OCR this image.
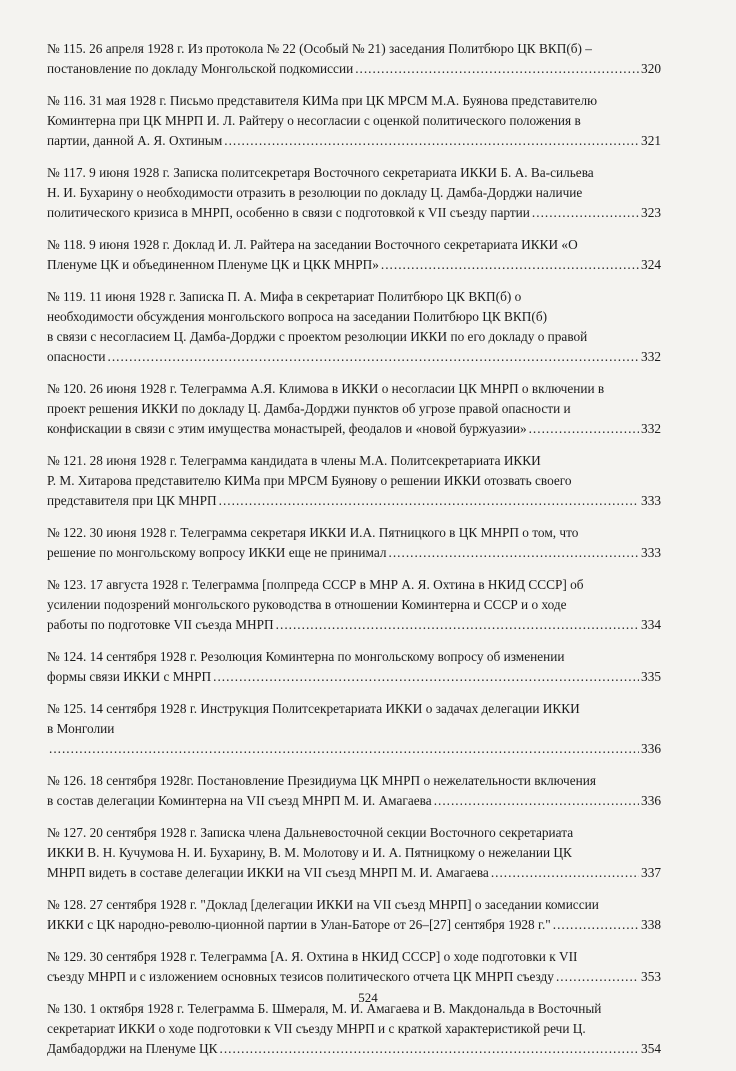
№ 115. 26 апреля 1928 г. Из протокола № 22 (Особый № 21) заседания Политбюро ЦК ВКП(б) –
постановление по докладу Монгольской подкомиссии .....	320
№ 116. 31 мая 1928 г. Письмо представителя КИМа при ЦК МРСМ М.А. Буянова представителю
Коминтерна при ЦК МНРП И. Л. Райтеру о несогласии с оценкой политического положения в
партии, данной А. Я. Охтиным .....	321
№ 117. 9 июня 1928 г. Записка политсекретаря Восточного секретариата ИККИ Б. А. Ва-сильева
Н. И. Бухарину о необходимости отразить в резолюции по докладу Ц. Дамба-Дорджи наличие
политического кризиса в МНРП, особенно в связи с подготовкой к VII съезду партии .....	323
№ 118. 9 июня 1928 г. Доклад И. Л. Райтера на заседании Восточного секретариата ИККИ «О
Пленуме ЦК и объединенном Пленуме ЦК и ЦКК МНРП» .....	324
№ 119. 11 июня 1928 г. Записка П. А. Мифа в секретариат Политбюро ЦК ВКП(б) о
необходимости обсуждения монгольского вопроса на заседании Политбюро ЦК ВКП(б)
в связи с несогласием Ц. Дамба-Дорджи с проектом резолюции ИККИ по его докладу о правой
опасности .....	332
№ 120. 26 июня 1928 г. Телеграмма А.Я. Климова в ИККИ о несогласии ЦК МНРП о включении в
проект решения ИККИ по докладу Ц. Дамба-Дорджи пунктов об угрозе правой опасности и
конфискации в связи с этим имущества монастырей, феодалов и «новой буржуазии» .....	332
№ 121. 28 июня 1928 г. Телеграмма кандидата в члены М.А. Политсекретариата ИККИ
Р. М. Хитарова представителю КИМа при МРСМ Буянову о решении ИККИ отозвать своего
представителя при ЦК МНРП .....	333
№ 122. 30 июня 1928 г. Телеграмма секретаря ИККИ И.А. Пятницкого в ЦК МНРП о том, что
решение по монгольскому вопросу ИККИ еще не принимал .....	333
№ 123. 17 августа 1928 г. Телеграмма [полпреда СССР в МНР А. Я. Охтина в НКИД СССР] об
усилении подозрений монгольского руководства в отношении Коминтерна и СССР и о ходе
работы по подготовке VII съезда МНРП .....	334
№ 124. 14 сентября 1928 г. Резолюция Коминтерна по монгольскому вопросу об изменении
формы связи ИККИ с МНРП .....	335
№ 125. 14 сентября 1928 г. Инструкция Политсекретариата ИККИ о задачах делегации ИККИ
в Монголии
.....
336
№ 126. 18 сентября 1928г. Постановление Президиума ЦК МНРП о нежелательности включения
в состав делегации Коминтерна на VII съезд МНРП М. И. Амагаева .....	336
№ 127. 20 сентября 1928 г. Записка члена Дальневосточной секции Восточного секретариата
ИККИ В. Н. Кучумова Н. И. Бухарину, В. М. Молотову и И. А. Пятницкому о нежелании ЦК
МНРП видеть в составе делегации ИККИ на VII съезд МНРП М. И. Амагаева .....	337
№ 128. 27 сентября 1928 г. "Доклад [делегации ИККИ на VII съезд МНРП] о заседании комиссии
ИККИ с ЦК народно-револю-ционной партии в Улан-Баторе от 26–[27] сентября 1928 г." .....	338
№ 129. 30 сентября 1928 г. Телеграмма [А. Я. Охтина в НКИД СССР] о ходе подготовки к VII
съезду МНРП и с изложением основных тезисов политического отчета ЦК МНРП съезду .....	353
№ 130. 1 октября 1928 г. Телеграмма Б. Шмераля, М. И. Амагаева и В. Макдональда в Восточный
секретариат ИККИ о ходе подготовки к VII съезду МНРП и с краткой характеристикой речи Ц.
Дамбадорджи на Пленуме ЦК .....	354
524
